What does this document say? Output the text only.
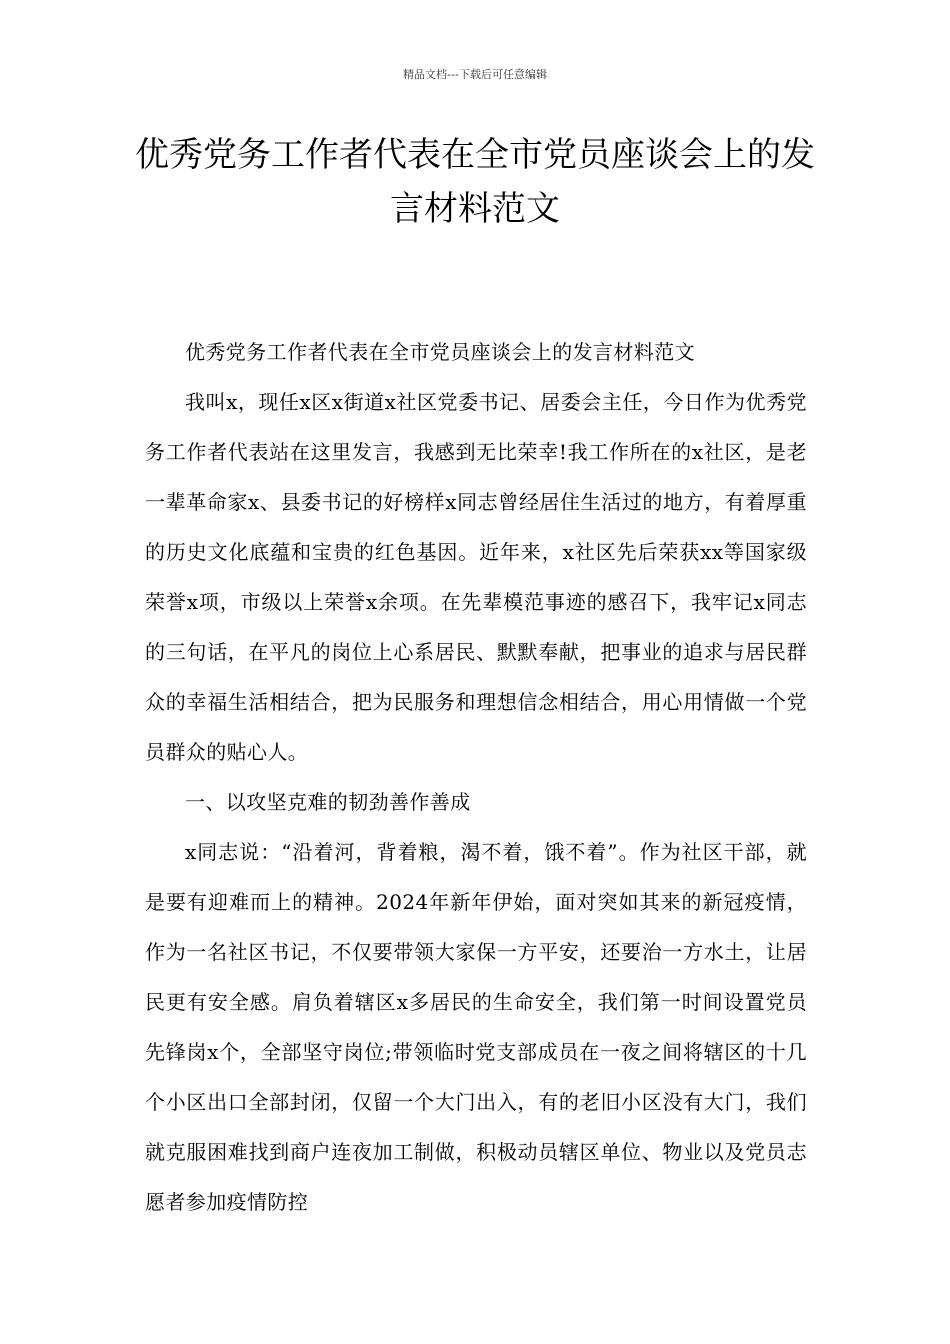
精品文档---下载后可任意编辑
优秀党务工作者代表在全市党员座谈会上的发言材料范文

优秀党务工作者代表在全市党员座谈会上的发言材料范文

我叫x，现任x区x街道x社区党委书记、居委会主任，今日作为优秀党务工作者代表站在这里发言，我感到无比荣幸!我工作所在的x社区，是老一辈革命家x、县委书记的好榜样x同志曾经居住生活过的地方，有着厚重的历史文化底蕴和宝贵的红色基因。近年来，x社区先后荣获xx等国家级荣誉x项，市级以上荣誉x余项。在先辈模范事迹的感召下，我牢记x同志的三句话，在平凡的岗位上心系居民、默默奉献，把事业的追求与居民群众的幸福生活相结合，把为民服务和理想信念相结合，用心用情做一个党员群众的贴心人。

一、以攻坚克难的韧劲善作善成

x同志说：“沿着河，背着粮，渴不着，饿不着”。作为社区干部，就是要有迎难而上的精神。2024年新年伊始，面对突如其来的新冠疫情，作为一名社区书记，不仅要带领大家保一方平安，还要治一方水土，让居民更有安全感。肩负着辖区x多居民的生命安全，我们第一时间设置党员先锋岗x个，全部坚守岗位;带领临时党支部成员在一夜之间将辖区的十几个小区出口全部封闭，仅留一个大门出入，有的老旧小区没有大门，我们就克服困难找到商户连夜加工制做，积极动员辖区单位、物业以及党员志愿者参加疫情防控
